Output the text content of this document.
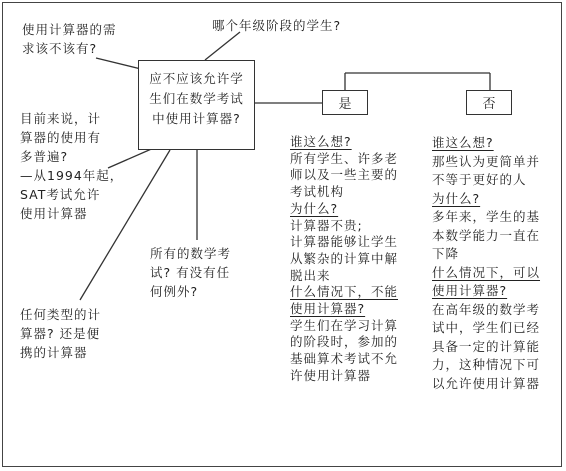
应不应该允许学
生们在数学考试
中使用计算器?
是	否
使用计算器的需
求该不该有?
哪个年级阶段的学生?
目前来说，计
算器的使用有
多普遍?
—从1994年起，
SAT考试允许
使用计算器
所有的数学考
试? 有没有任
何例外?
任何类型的计
算器? 还是便
携的计算器
谁这么想?
所有学生、许多老
师以及一些主要的
考试机构
为什么?
计算器不贵;
计算器能够让学生
从繁杂的计算中解
脱出来
什么情况下，不能
使用计算器?
学生们在学习计算
的阶段时，参加的
基础算术考试不允
许使用计算器
谁这么想?
那些认为更简单并
不等于更好的人
为什么?
多年来，学生的基
本数学能力一直在
下降
什么情况下，可以
使用计算器?
在高年级的数学考
试中，学生们已经
具备一定的计算能
力，这种情况下可
以允许使用计算器
